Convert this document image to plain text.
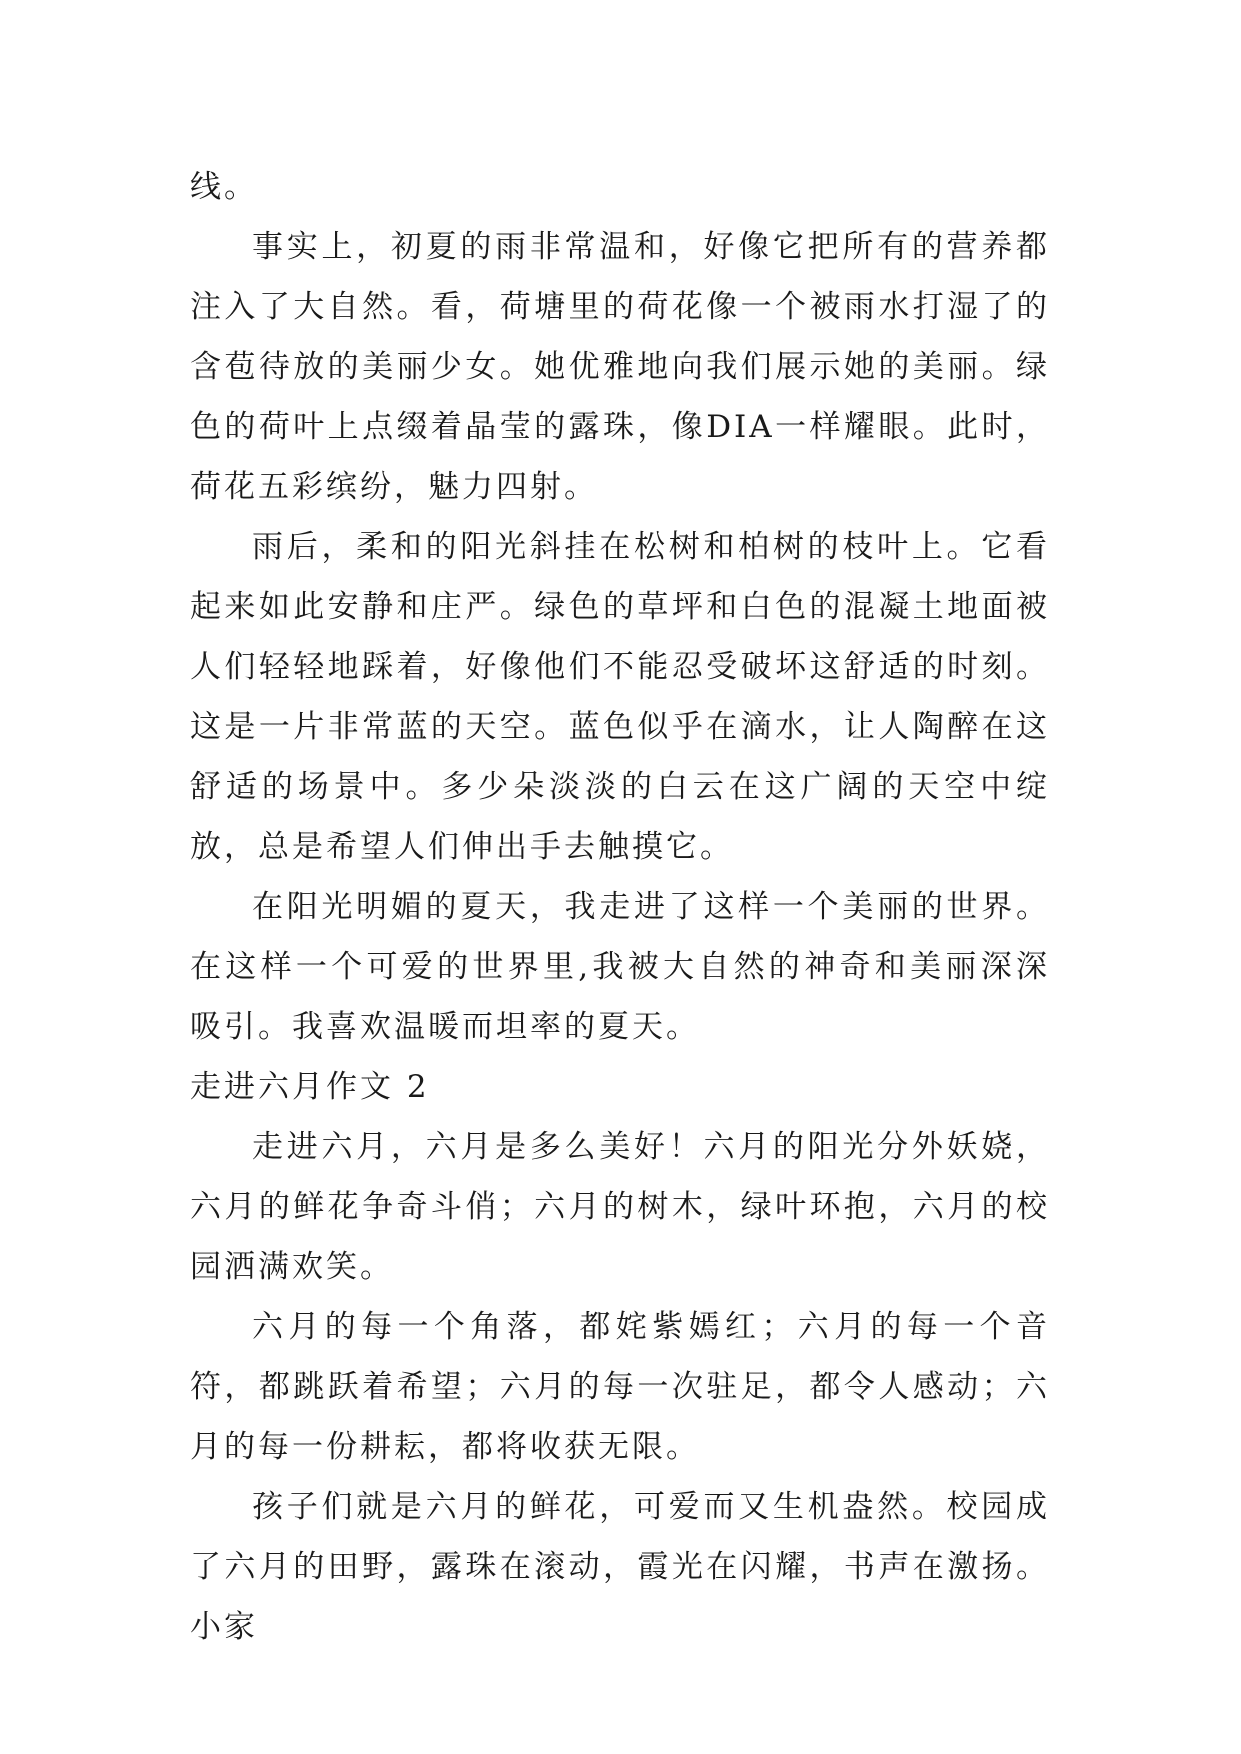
线。

事实上，初夏的雨非常温和，好像它把所有的营养都注入了大自然。看，荷塘里的荷花像一个被雨水打湿了的含苞待放的美丽少女。她优雅地向我们展示她的美丽。绿色的荷叶上点缀着晶莹的露珠，像DIA一样耀眼。此时，荷花五彩缤纷，魅力四射。

雨后，柔和的阳光斜挂在松树和柏树的枝叶上。它看起来如此安静和庄严。绿色的草坪和白色的混凝土地面被人们轻轻地踩着，好像他们不能忍受破坏这舒适的时刻。这是一片非常蓝的天空。蓝色似乎在滴水，让人陶醉在这舒适的场景中。多少朵淡淡的白云在这广阔的天空中绽放，总是希望人们伸出手去触摸它。

在阳光明媚的夏天，我走进了这样一个美丽的世界。在这样一个可爱的世界里,我被大自然的神奇和美丽深深吸引。我喜欢温暖而坦率的夏天。

走进六月作文 2

走进六月，六月是多么美好！六月的阳光分外妖娆，六月的鲜花争奇斗俏；六月的树木，绿叶环抱，六月的校园洒满欢笑。

六月的每一个角落，都姹紫嫣红；六月的每一个音符，都跳跃着希望；六月的每一次驻足，都令人感动；六月的每一份耕耘，都将收获无限。

孩子们就是六月的鲜花，可爱而又生机盎然。校园成了六月的田野，露珠在滚动，霞光在闪耀，书声在激扬。小家
